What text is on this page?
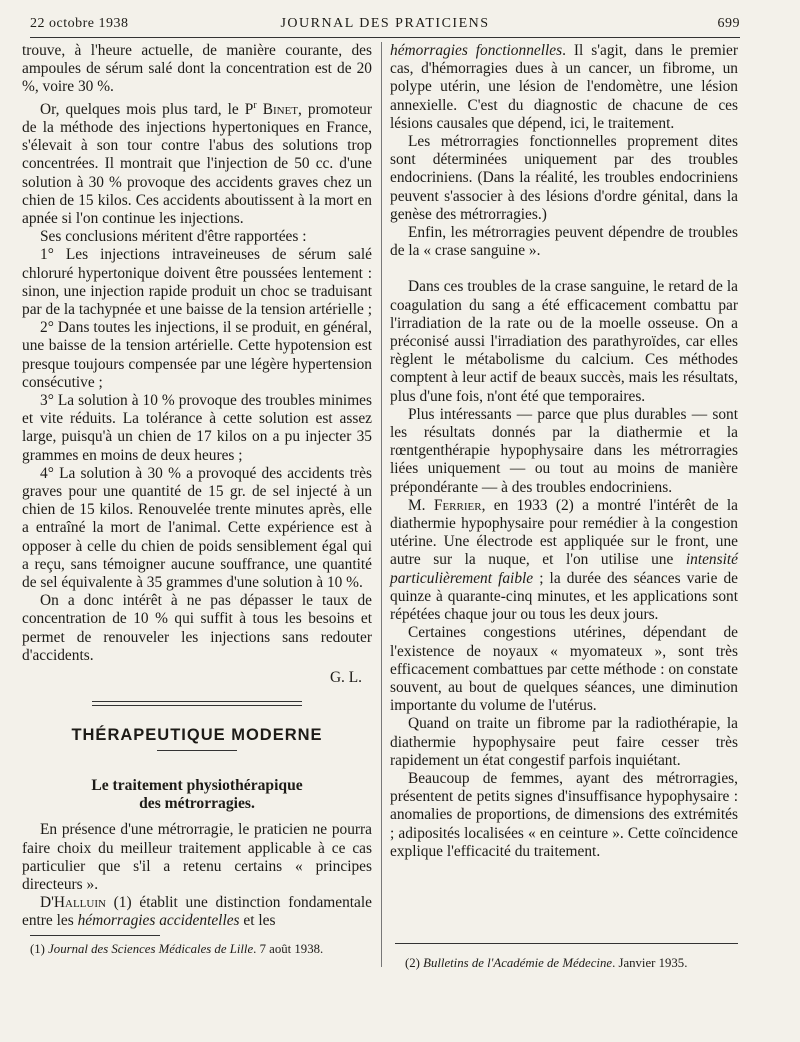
22 octobre 1938	JOURNAL DES PRATICIENS	699

trouve, à l'heure actuelle, de manière courante, des ampoules de sérum salé dont la concentration est de 20 %, voire 30 %.

Or, quelques mois plus tard, le $P^r$ Binet, promoteur de la méthode des injections hypertoniques en France, s'élevait à son tour contre l'abus des solutions trop concentrées. Il montrait que l'injection de 50 cc. d'une solution à 30 % provoque des accidents graves chez un chien de 15 kilos. Ces accidents aboutissent à la mort en apnée si l'on continue les injections.

Ses conclusions méritent d'être rapportées :

1° Les injections intraveineuses de sérum salé chloruré hypertonique doivent être poussées lentement : sinon, une injection rapide produit un choc se traduisant par de la tachypnée et une baisse de la tension artérielle ;

2° Dans toutes les injections, il se produit, en général, une baisse de la tension artérielle. Cette hypotension est presque toujours compensée par une légère hypertension consécutive ;

3° La solution à 10 % provoque des troubles minimes et vite réduits. La tolérance à cette solution est assez large, puisqu'à un chien de 17 kilos on a pu injecter 35 grammes en moins de deux heures ;

4° La solution à 30 % a provoqué des accidents très graves pour une quantité de 15 gr. de sel injecté à un chien de 15 kilos. Renouvelée trente minutes après, elle a entraîné la mort de l'animal. Cette expérience est à opposer à celle du chien de poids sensiblement égal qui a reçu, sans témoigner aucune souffrance, une quantité de sel équivalente à 35 grammes d'une solution à 10 %.

On a donc intérêt à ne pas dépasser le taux de concentration de 10 % qui suffit à tous les besoins et permet de renouveler les injections sans redouter d'accidents.

G. L.

THÉRAPEUTIQUE MODERNE
Le traitement physiothérapique
des métrorragies.

En présence d'une métrorragie, le praticien ne pourra faire choix du meilleur traitement applicable à ce cas particulier que s'il a retenu certains « principes directeurs ».

D'Halluin (1) établit une distinction fondamentale entre les hémorragies accidentelles et les

hémorragies fonctionnelles. Il s'agit, dans le premier cas, d'hémorragies dues à un cancer, un fibrome, un polype utérin, une lésion de l'endomètre, une lésion annexielle. C'est du diagnostic de chacune de ces lésions causales que dépend, ici, le traitement.

Les métrorragies fonctionnelles proprement dites sont déterminées uniquement par des troubles endocriniens. (Dans la réalité, les troubles endocriniens peuvent s'associer à des lésions d'ordre génital, dans la genèse des métrorragies.)

Enfin, les métrorragies peuvent dépendre de troubles de la « crase sanguine ».

Dans ces troubles de la crase sanguine, le retard de la coagulation du sang a été efficacement combattu par l'irradiation de la rate ou de la moelle osseuse. On a préconisé aussi l'irradiation des parathyroïdes, car elles règlent le métabolisme du calcium. Ces méthodes comptent à leur actif de beaux succès, mais les résultats, plus d'une fois, n'ont été que temporaires.

Plus intéressants — parce que plus durables — sont les résultats donnés par la diathermie et la rœntgenthérapie hypophysaire dans les métrorragies liées uniquement — ou tout au moins de manière prépondérante — à des troubles endocriniens.

M. Ferrier, en 1933 (2) a montré l'intérêt de la diathermie hypophysaire pour remédier à la congestion utérine. Une électrode est appliquée sur le front, une autre sur la nuque, et l'on utilise une intensité particulièrement faible ; la durée des séances varie de quinze à quarante-cinq minutes, et les applications sont répétées chaque jour ou tous les deux jours.

Certaines congestions utérines, dépendant de l'existence de noyaux « myomateux », sont très efficacement combattues par cette méthode : on constate souvent, au bout de quelques séances, une diminution importante du volume de l'utérus.

Quand on traite un fibrome par la radiothérapie, la diathermie hypophysaire peut faire cesser très rapidement un état congestif parfois inquiétant.

Beaucoup de femmes, ayant des métrorragies, présentent de petits signes d'insuffisance hypophysaire : anomalies de proportions, de dimensions des extrémités ; adiposités localisées « en ceinture ». Cette coïncidence explique l'efficacité du traitement.

(1) Journal des Sciences Médicales de Lille. 7 août 1938.
(2) Bulletins de l'Académie de Médecine. Janvier 1935.
